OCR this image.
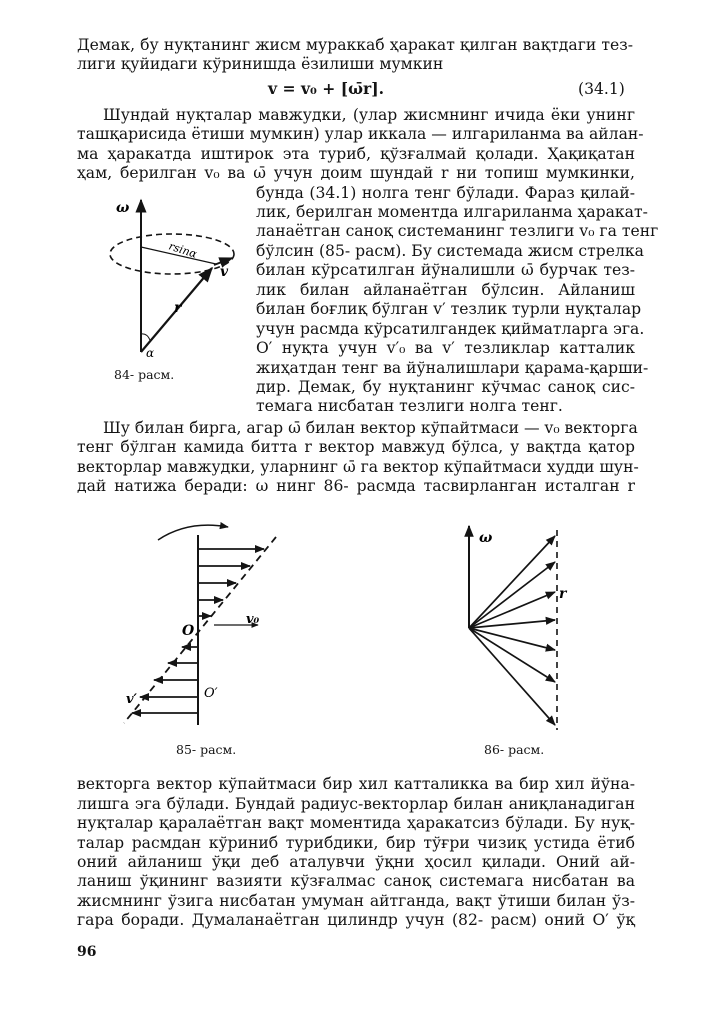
Демак, бу нуқтанинг жисм мураккаб ҳаракат қилган вақтдаги тез-
лиги қуйидаги кўринишда ёзилиши мумкин
v = v₀ + [ω̄r].	(34.1)
Шундай нуқталар мавжудки, (улар жисмнинг ичида ёки унинг
ташқарисида ётиши мумкин) улар иккала — илгариланма ва айлан-
ма ҳаракатда иштирок эта туриб, қўзғалмай қолади. Ҳақиқатан
ҳам, берилган v₀ ва ω̄ учун доим шундай r ни топиш мумкинки,
бунда (34.1) нолга тенг бўлади. Фараз қилай-
лик, берилган моментда илгариланма ҳаракат-
ланаётган саноқ системанинг тезлиги v₀ га тенг
бўлсин (85- расм). Бу системада жисм стрелка
билан кўрсатилган йўналишли ω̄ бурчак тез-
лик билан айланаётган бўлсин. Айланиш
билан боғлиқ бўлган v′ тезлик турли нуқталар
учун расмда кўрсатилгандек қийматларга эга.
O′ нуқта учун v′₀ ва v′ тезликлар катталик
жиҳатдан тенг ва йўналишлари қарама-қарши-
дир. Демак, бу нуқтанинг кўчмас саноқ сис-
темага нисбатан тезлиги нолга тенг.
ω
rsinα
v
r
α
84- расм.
Шу билан бирга, агар ω̄ билан вектор кўпайтмаси — v₀ векторга
тенг бўлган камида битта r вектор мавжуд бўлса, у вақтда қатор
векторлар мавжудки, уларнинг ω̄ га вектор кўпайтмаси худди шун-
дай натижа беради: ω нинг 86- расмда тасвирланган исталган r
O
v₀
v′	O′
85- расм.
ω
r
86- расм.
векторга вектор кўпайтмаси бир хил катталикка ва бир хил йўна-
лишга эга бўлади. Бундай радиус-векторлар билан аниқланадиган
нуқталар қаралаётган вақт моментида ҳаракатсиз бўлади. Бу нуқ-
талар расмдан кўриниб турибдики, бир тўғри чизиқ устида ётиб
оний айланиш ўқи деб аталувчи ўқни ҳосил қилади. Оний ай-
ланиш ўқининг вазияти кўзғалмас саноқ системага нисбатан ва
жисмнинг ўзига нисбатан умуман айтганда, вақт ўтиши билан ўз-
гара боради. Думаланаётган цилиндр учун (82- расм) оний O′ ўқ
96
